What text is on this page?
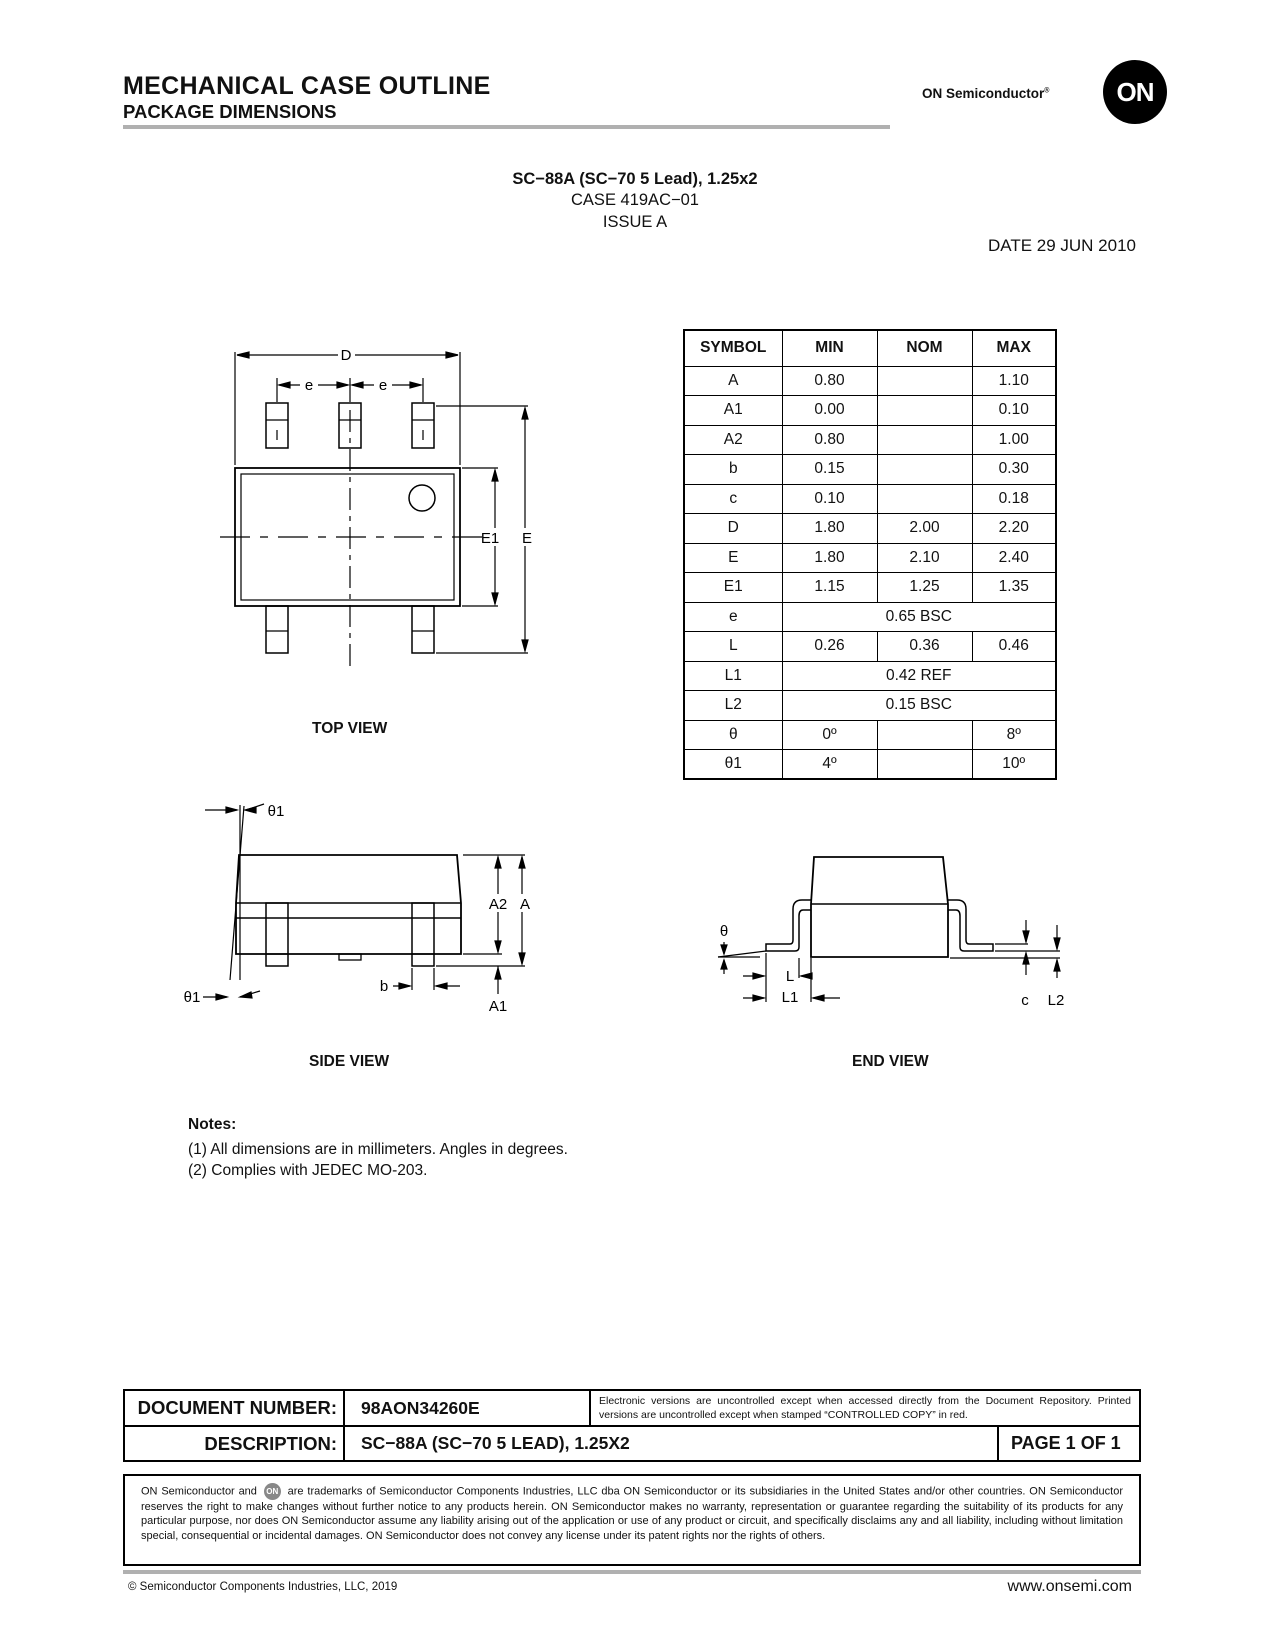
MECHANICAL CASE OUTLINE
PACKAGE DIMENSIONS
ON Semiconductor®	ON
SC−88A (SC−70 5 Lead), 1.25x2
CASE 419AC−01
ISSUE A
DATE 29 JUN 2010
SYMBOL	MIN	NOM	MAX
A	0.80		1.10
A1	0.00		0.10
A2	0.80		1.00
b	0.15		0.30
c	0.10		0.18
D	1.80	2.00	2.20
E	1.80	2.10	2.40
E1	1.15	1.25	1.35
e	0.65 BSC		
L	0.26	0.36	0.46
L1	0.42 REF		
L2	0.15 BSC		
θ	0º		8º
θ1	4º		10º
D
e	e
E1 E
TOP VIEW
θ1
A2 A
A1
b
θ1
SIDE VIEW
θ
L
L1	c L2
END VIEW
Notes:
(1) All dimensions are in millimeters. Angles in degrees.
(2) Complies with JEDEC MO-203.
DOCUMENT NUMBER:	98AON34260E	Electronic versions are uncontrolled except when accessed directly from the Document Repository. Printed versions are uncontrolled except when stamped “CONTROLLED COPY” in red.
DESCRIPTION:	SC−88A (SC−70 5 LEAD), 1.25X2	PAGE 1 OF 1
ON Semiconductor and ON are trademarks of Semiconductor Components Industries, LLC dba ON Semiconductor or its subsidiaries in the United States and/or other countries. ON Semiconductor reserves the right to make changes without further notice to any products herein. ON Semiconductor makes no warranty, representation or guarantee regarding the suitability of its products for any particular purpose, nor does ON Semiconductor assume any liability arising out of the application or use of any product or circuit, and specifically disclaims any and all liability, including without limitation special, consequential or incidental damages. ON Semiconductor does not convey any license under its patent rights nor the rights of others.
© Semiconductor Components Industries, LLC, 2019	www.onsemi.com
